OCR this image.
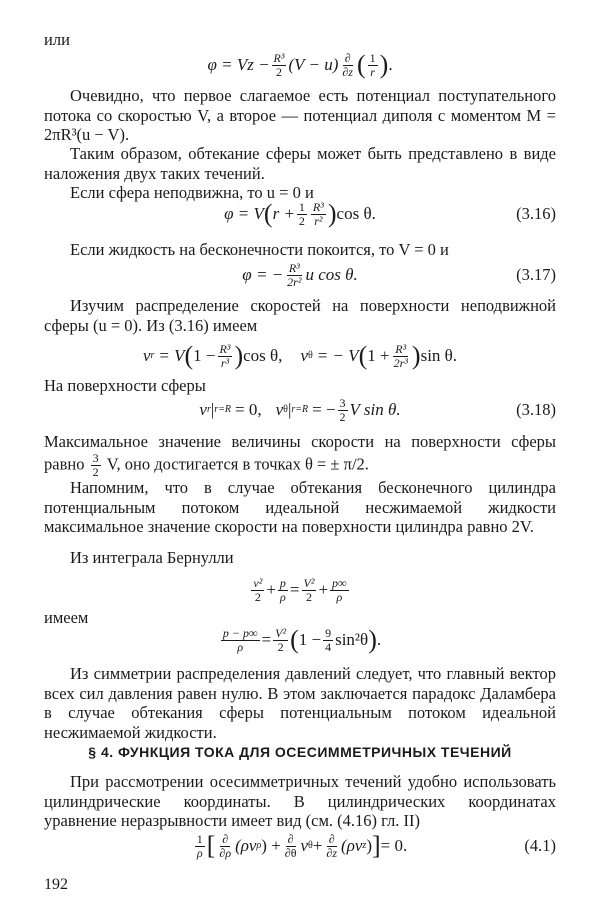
или

$\varphi = Vz - \frac{\text{R³}}{2} (V - u) \frac{\partial}{\partial z}$ ( $\frac{1}{r}$ ) .

Очевидно, что первое слагаемое есть потенциал поступательного потока со скоростью V, а второе — потенциал диполя с моментом M = 2πR³(u − V).

Таким образом, обтекание сферы может быть представлено в виде наложения двух таких течений.

Если сфера неподвижна, то u = 0 и

φ = V ( $r + \frac{1}{2} \frac{\text{R³}}{\text{r²}}$ ) cos θ.	(3.16)

Если жидкость на бесконечности покоится, то V = 0 и

φ = − $\frac{\text{R³}}{\text{2r²}}$ u cos θ.	(3.17)

Изучим распределение скоростей на поверхности неподвижной сферы (u = 0). Из (3.16) имеем

v r = V ( $1 - \frac{\text{R³}}{\text{r³}}$ ) cos θ, v θ = − V ( $1 + \frac{\text{R³}}{\text{2r³}}$ ) sin θ.

На поверхности сферы

v r | r=R = 0, v θ | r=R = − $\frac{3}{2}$ V sin θ.	(3.18)

Максимальное значение величины скорости на поверхности сферы равно $\frac{3}{2} V$, оно достигается в точках θ = ± π/2.

Напомним, что в случае обтекания бесконечного цилиндра потенциальным потоком идеальной несжимаемой жидкости максимальное значение скорости на поверхности цилиндра равно 2V.

Из интеграла Бернулли

$\frac{\text{v²}}{2} + \frac{p}{\rho} = \frac{\text{V²}}{2} + \frac{p\infty}{\rho}$

имеем

$\frac{p - p\infty}{\rho} = \frac{\text{V²}}{2}$ ( $1 - \frac{9}{4} \sin^2\theta$ ) .

Из симметрии распределения давлений следует, что главный вектор всех сил давления равен нулю. В этом заключается парадокс Даламбера в случае обтекания сферы потенциальным потоком идеальной несжимаемой жидкости.

§ 4. ФУНКЦИЯ ТОКА ДЛЯ ОСЕСИММЕТРИЧНЫХ ТЕЧЕНИЙ

При рассмотрении осесимметричных течений удобно использовать цилиндрические координаты. В цилиндрических координатах уравнение неразрывности имеет вид (см. (4.16) гл. II)

$\frac{1}{\rho}$ [ $\frac{\partial}{\partial\rho} (\rho v$ ρ ) + $\frac{\partial}{\partial\theta}$ v $\theta + \frac{\partial}{\partial z} (\rho v$ z ) ] = 0.	(4.1)
192
